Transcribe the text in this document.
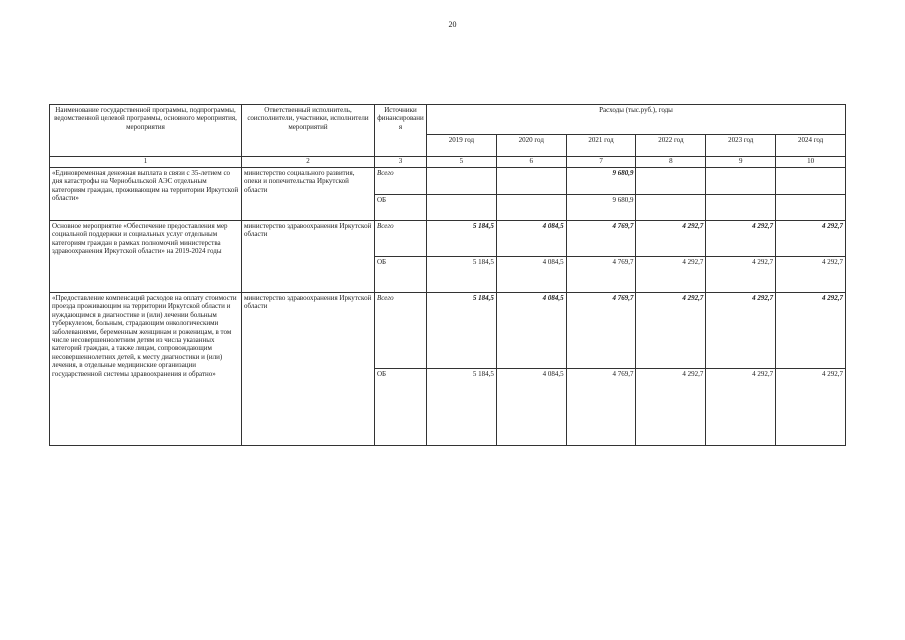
20
Наименование государственной программы, подпрограммы, ведомственной целевой программы, основного мероприятия, мероприятия	Ответственный исполнитель, соисполнители, участники, исполнители мероприятий	Источники финансировани я	Расходы (тыс.руб.), годы					
			2019 год	2020 год	2021 год	2022 год	2023 год	2024 год
1	2	3	5	6	7	8	9	10
«Единовременная денежная выплата в связи с 35-летием со дня катастрофы на Чернобыльской АЭС отдельным категориям граждан, проживающим на территории Иркутской области»	министерство социального развития, опеки и попечительства Иркутской области	Всего			9 680,9			
		ОБ			9 680,9			
Основное мероприятие «Обеспечение предоставления мер социальной поддержки и социальных услуг отдельным категориям граждан в рамках полномочий министерства здравоохранения Иркутской области» на 2019-2024 годы	министерство здравоохранения Иркутской области	Всего	5 184,5	4 084,5	4 769,7	4 292,7	4 292,7	4 292,7
		ОБ	5 184,5	4 084,5	4 769,7	4 292,7	4 292,7	4 292,7
«Предоставление компенсаций расходов на оплату стоимости проезда проживающим на территории Иркутской области и нуждающимся в диагностике и (или) лечении больным туберкулезом, больным, страдающим онкологическими заболеваниями, беременным женщинам и роженицам, в том числе несовершеннолетним детям из числа указанных категорий граждан, а также лицам, сопровождающим несовершеннолетних детей, к месту диагностики и (или) лечения, в отдельные медицинские организации государственной системы здравоохранения и обратно»	министерство здравоохранения Иркутской области	Всего	5 184,5	4 084,5	4 769,7	4 292,7	4 292,7	4 292,7
		ОБ	5 184,5	4 084,5	4 769,7	4 292,7	4 292,7	4 292,7
